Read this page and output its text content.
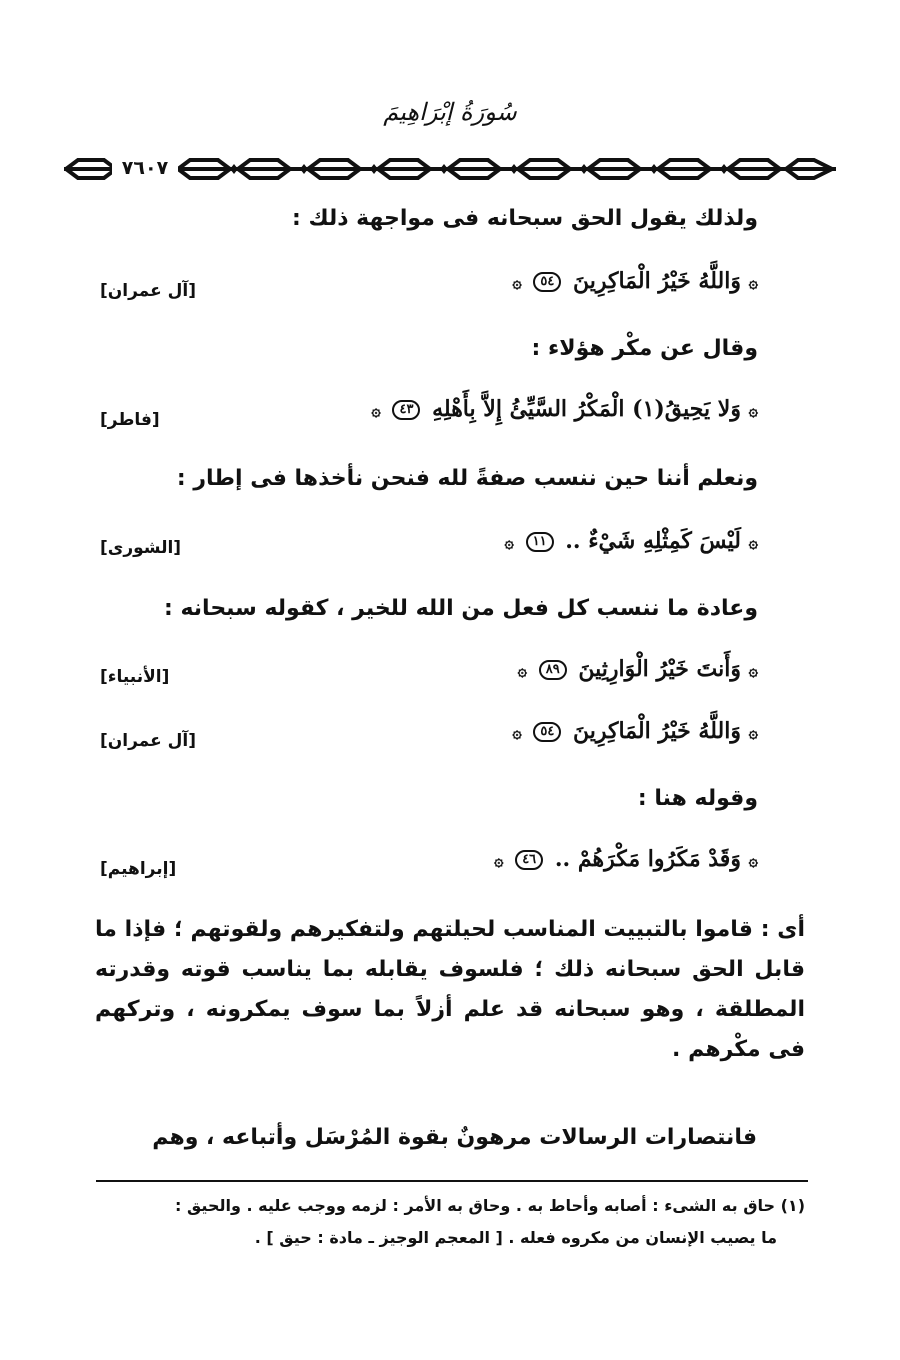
سُورَةُ إبْرَاهِيمَ
٧٦٠٧
ولذلك يقول الحق سبحانه فى مواجهة ذلك :
۞ وَاللَّهُ خَيْرُ الْمَاكِرِينَ ٥٤ ۞
[آل عمران]
وقال عن مكْر هؤلاء :
۞ وَلا يَحِيقُ(١) الْمَكْرُ السَّيِّئُ إِلاَّ بِأَهْلِهِ ٤٣ ۞
[فاطر]
ونعلم أننا حين ننسب صفةً لله فنحن نأخذها فى إطار :
۞ لَيْسَ كَمِثْلِهِ شَيْءٌ .. ١١ ۞
[الشورى]
وعادة ما ننسب كل فعل من الله للخير ، كقوله سبحانه :
۞ وَأَنتَ خَيْرُ الْوَارِثِينَ ٨٩ ۞
[الأنبياء]
۞ وَاللَّهُ خَيْرُ الْمَاكِرِينَ ٥٤ ۞
[آل عمران]
وقوله هنا :
۞ وَقَدْ مَكَرُوا مَكْرَهُمْ .. ٤٦ ۞
[إبراهيم]
أى : قاموا بالتبييت المناسب لحيلتهم ولتفكيرهم ولقوتهم ؛ فإذا ما قابل الحق سبحانه ذلك ؛ فلسوف يقابله بما يناسب قوته وقدرته المطلقة ، وهو سبحانه قد علم أزلاً بما سوف يمكرونه ، وتركهم فى مكْرهم .
فانتصارات الرسالات مرهونٌ بقوة المُرْسَل وأتباعه ، وهم
(١) حاق به الشىء : أصابه وأحاط به . وحاق به الأمر : لزمه ووجب عليه . والحيق :
ما يصيب الإنسان من مكروه فعله . [ المعجم الوجيز ـ مادة : حيق ] .
